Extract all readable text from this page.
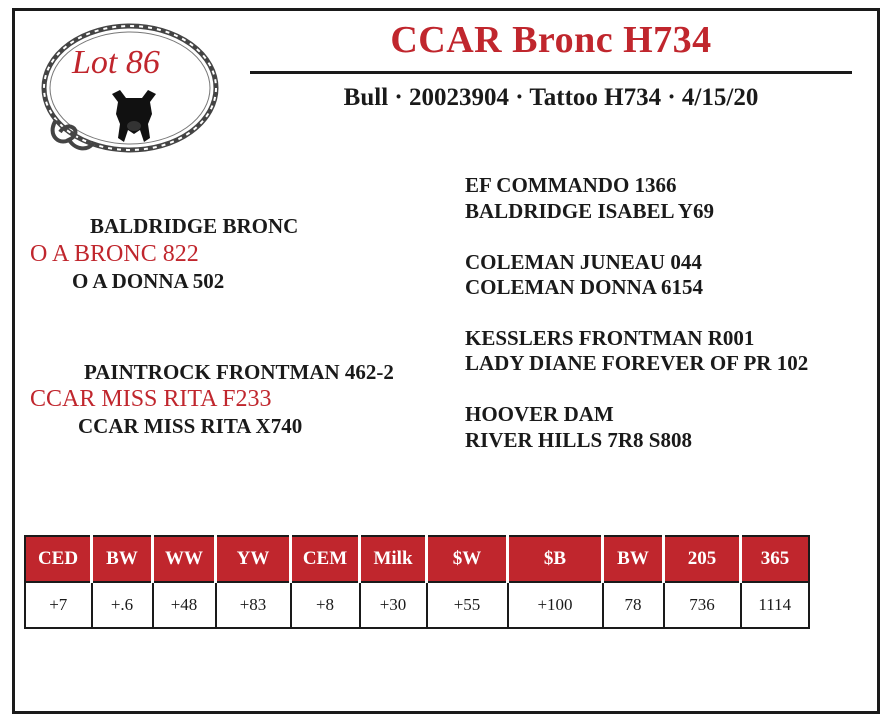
Lot 86
CCAR Bronc H734
Bull · 20023904 · Tattoo H734 · 4/15/20
BALDRIDGE BRONC
O A BRONC 822
O A DONNA 502
EF COMMANDO 1366
BALDRIDGE ISABEL Y69
COLEMAN JUNEAU 044
COLEMAN DONNA 6154
PAINTROCK FRONTMAN 462-2
CCAR MISS RITA F233
CCAR MISS RITA X740
KESSLERS FRONTMAN R001
LADY DIANE FOREVER OF PR 102
HOOVER DAM
RIVER HILLS 7R8 S808
CED	BW	WW	YW	CEM	Milk	$W	$B	BW	205	365
+7	+.6	+48	+83	+8	+30	+55	+100	78	736	1114
